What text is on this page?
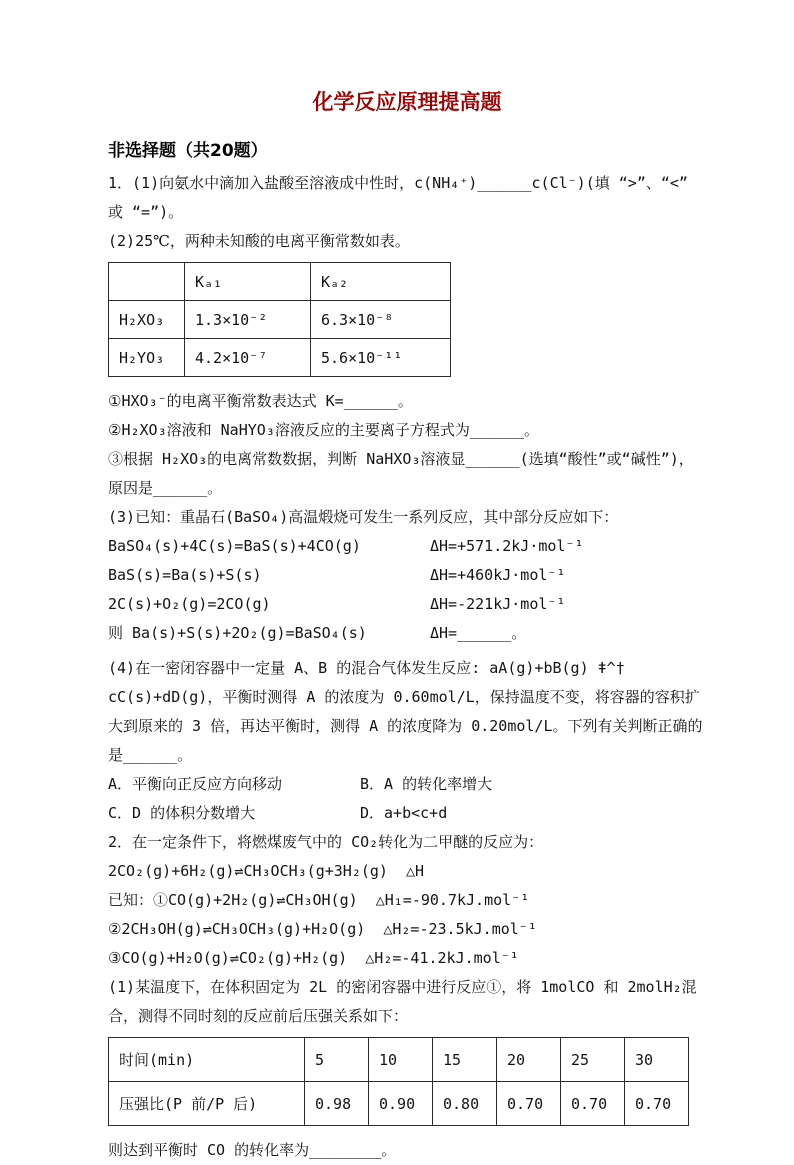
化学反应原理提高题
非选择题（共20题）

1．(1)向氨水中滴加入盐酸至溶液成中性时，c(NH₄⁺)______c(Cl⁻)(填 “>”、“<” 或 “=”)。

(2)25℃，两种未知酸的电离平衡常数如表。

	Kₐ₁	Kₐ₂
H₂XO₃	1.3×10⁻²	6.3×10⁻⁸
H₂YO₃	4.2×10⁻⁷	5.6×10⁻¹¹

①HXO₃⁻的电离平衡常数表达式 K=______。

②H₂XO₃溶液和 NaHYO₃溶液反应的主要离子方程式为______。

③根据 H₂XO₃的电离常数数据，判断 NaHXO₃溶液显______(选填“酸性”或“碱性”)，原因是______。

(3)已知：重晶石(BaSO₄)高温煅烧可发生一系列反应，其中部分反应如下：

BaSO₄(s)+4C(s)=BaS(s)+4CO(g)	ΔH=+571.2kJ·mol⁻¹
BaS(s)=Ba(s)+S(s)	ΔH=+460kJ·mol⁻¹
2C(s)+O₂(g)=2CO(g)	ΔH=-221kJ·mol⁻¹
则 Ba(s)+S(s)+2O₂(g)=BaSO₄(s)	ΔH=______。

(4)在一密闭容器中一定量 A、B 的混合气体发生反应: aA(g)+bB(g) ǂ^† cC(s)+dD(g)，平衡时测得 A 的浓度为 0.60mol/L，保持温度不变，将容器的容积扩大到原来的 3 倍，再达平衡时，测得 A 的浓度降为 0.20mol/L。下列有关判断正确的是______。

A．平衡向正反应方向移动	B．A 的转化率增大
C．D 的体积分数增大	D．a+b<c+d

2．在一定条件下，将燃煤废气中的 CO₂转化为二甲醚的反应为：

2CO₂(g)+6H₂(g)⇌CH₃OCH₃(g+3H₂(g)  △H

已知：①CO(g)+2H₂(g)⇌CH₃OH(g)  △H₁=-90.7kJ.mol⁻¹

②2CH₃OH(g)⇌CH₃OCH₃(g)+H₂O(g)  △H₂=-23.5kJ.mol⁻¹

③CO(g)+H₂O(g)⇌CO₂(g)+H₂(g)  △H₂=-41.2kJ.mol⁻¹

(1)某温度下，在体积固定为 2L 的密闭容器中进行反应①，将 1molCO 和 2molH₂混合，测得不同时刻的反应前后压强关系如下：

时间(min)	5	10	15	20	25	30
压强比(P 前/P 后)	0.98	0.90	0.80	0.70	0.70	0.70

则达到平衡时 CO 的转化率为________。
